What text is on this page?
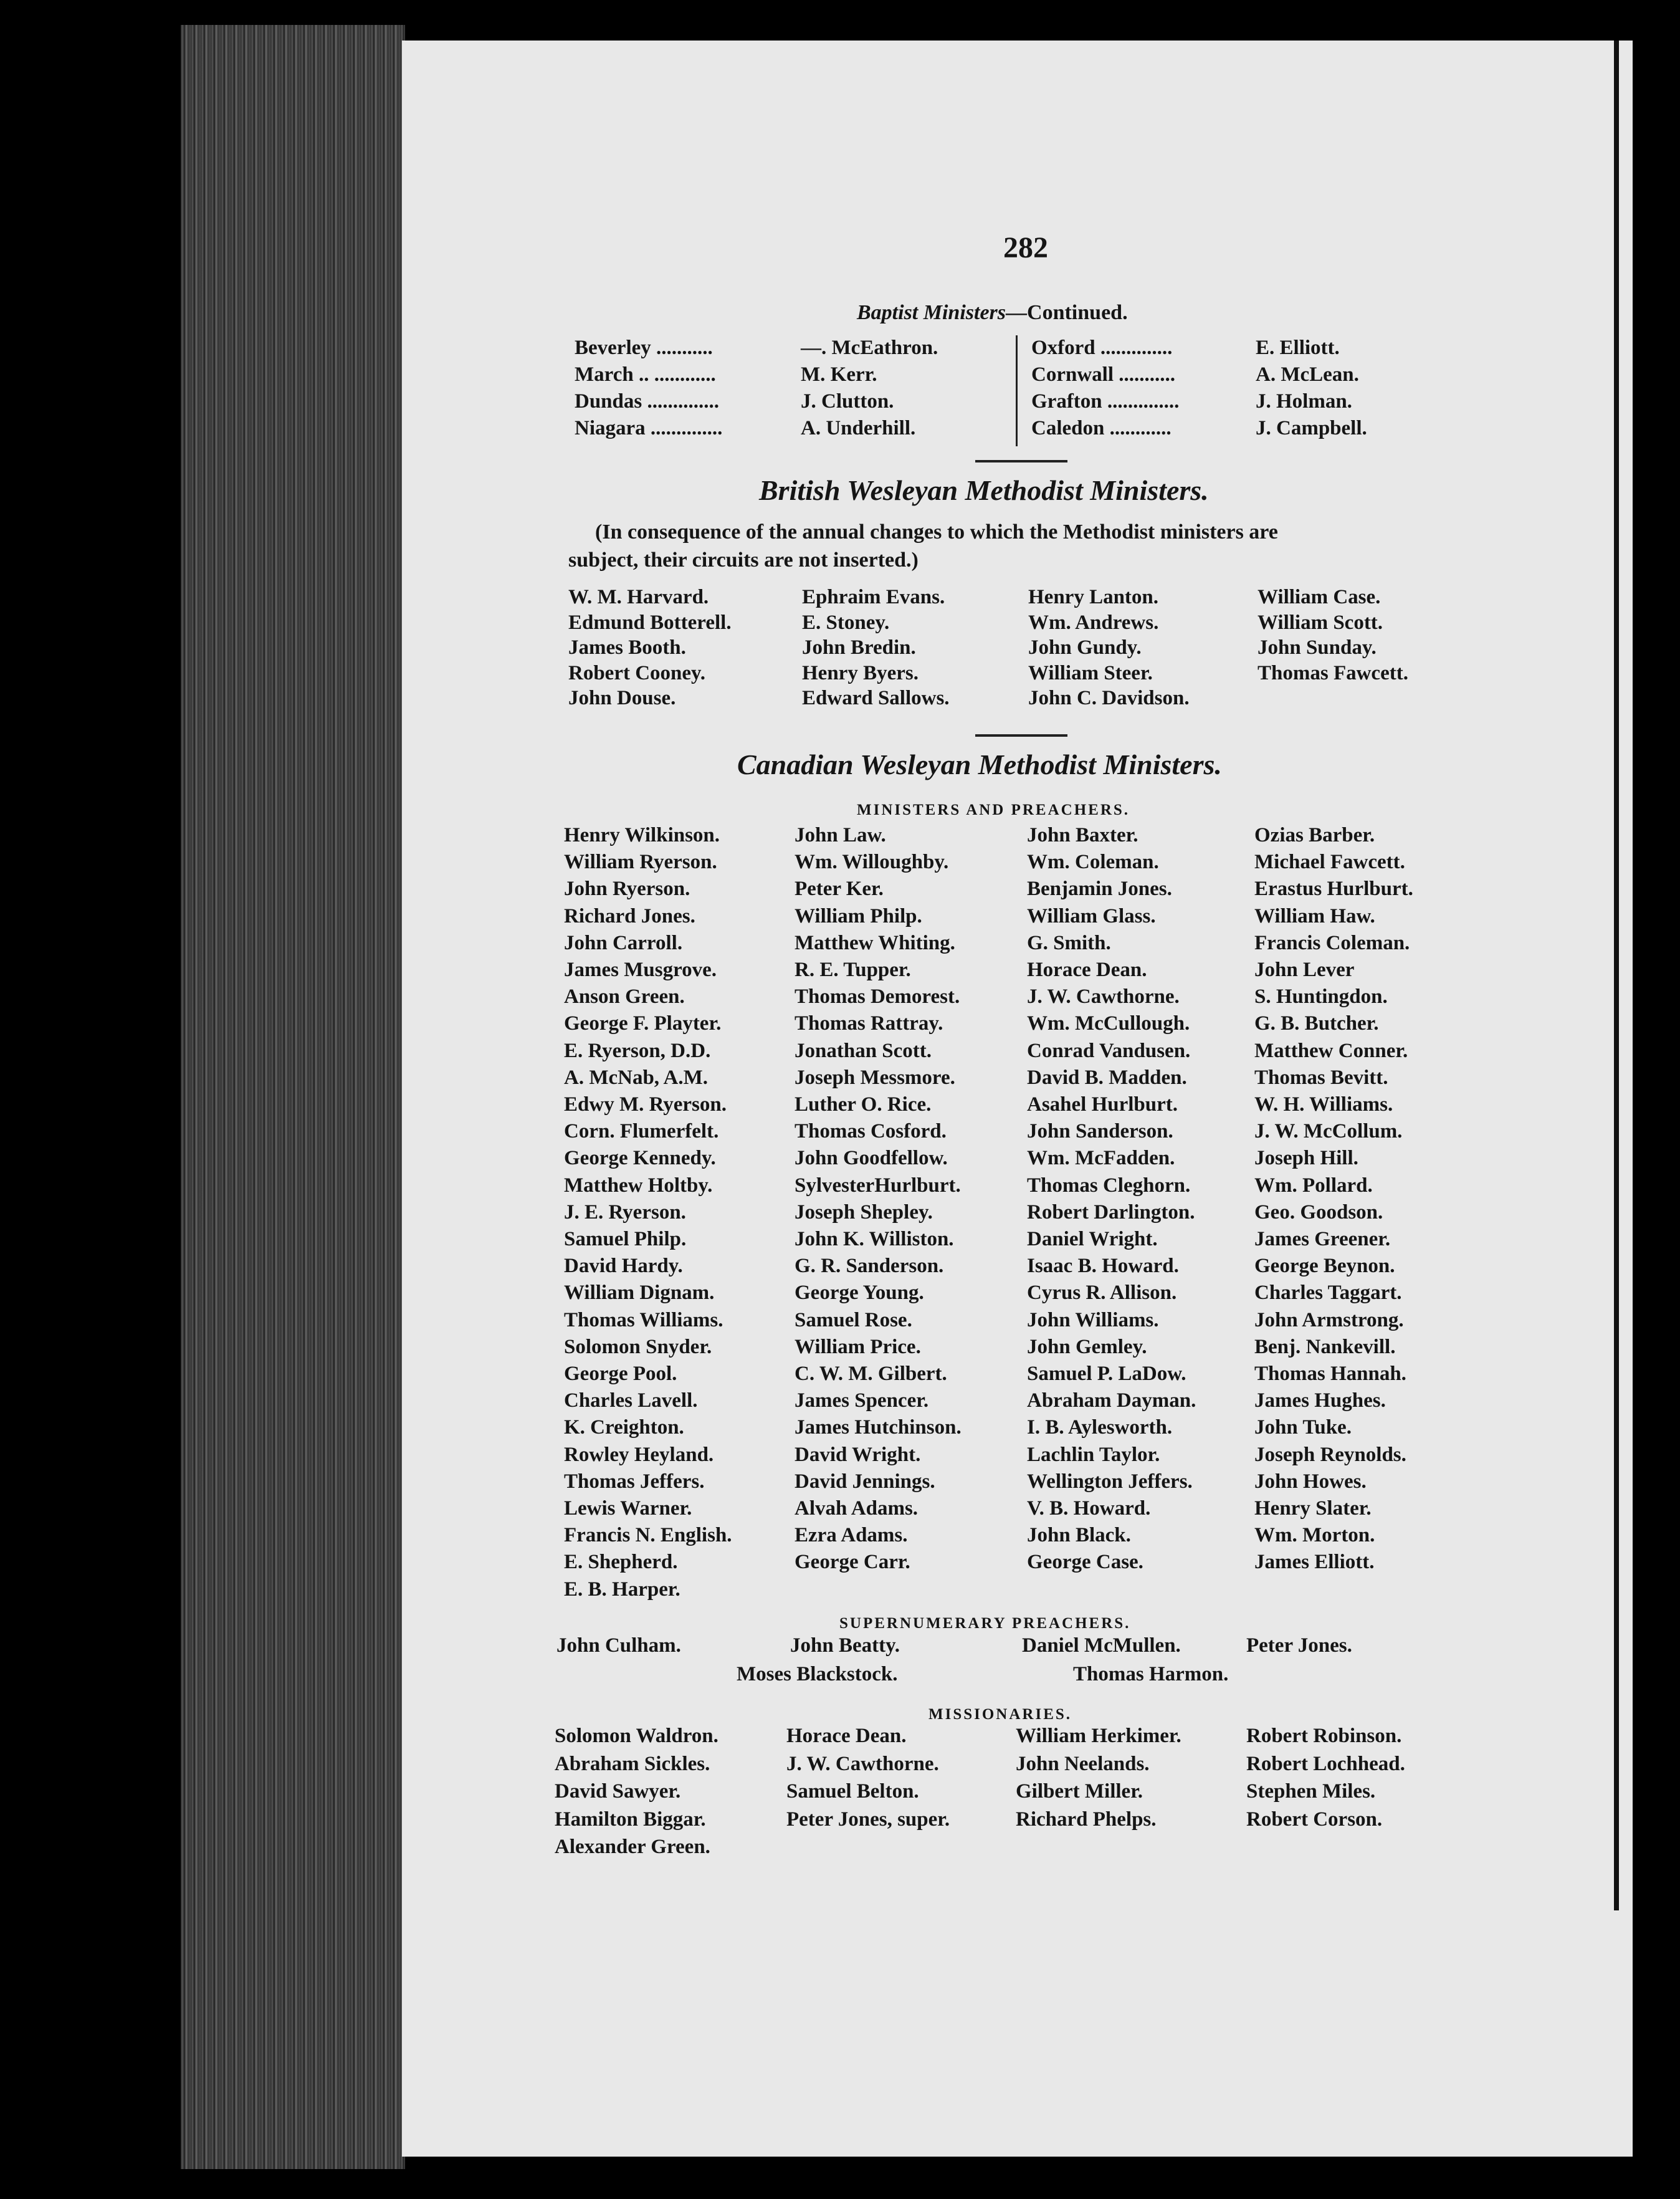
282
Baptist Ministers—Continued.
Beverley ...........	—. McEathron.	Oxford ..............	E. Elliott.
March .. ............	M. Kerr.	Cornwall ...........	A. McLean.
Dundas ..............	J. Clutton.	Grafton ..............	J. Holman.
Niagara ..............	A. Underhill.	Caledon ............	J. Campbell.
British Wesleyan Methodist Ministers.
(In consequence of the annual changes to which the Methodist ministers are
subject, their circuits are not inserted.)
W. M. Harvard.	Ephraim Evans.	Henry Lanton.	William Case.
Edmund Botterell.	E. Stoney.	Wm. Andrews.	William Scott.
James Booth.	John Bredin.	John Gundy.	John Sunday.
Robert Cooney.	Henry Byers.	William Steer.	Thomas Fawcett.
John Douse.	Edward Sallows.	John C. Davidson.
Canadian Wesleyan Methodist Ministers.
MINISTERS AND PREACHERS.
Henry Wilkinson.	John Law.	John Baxter.	Ozias Barber.
William Ryerson.	Wm. Willoughby.	Wm. Coleman.	Michael Fawcett.
John Ryerson.	Peter Ker.	Benjamin Jones.	Erastus Hurlburt.
Richard Jones.	William Philp.	William Glass.	William Haw.
John Carroll.	Matthew Whiting.	G. Smith.	Francis Coleman.
James Musgrove.	R. E. Tupper.	Horace Dean.	John Lever
Anson Green.	Thomas Demorest.	J. W. Cawthorne.	S. Huntingdon.
George F. Playter.	Thomas Rattray.	Wm. McCullough.	G. B. Butcher.
E. Ryerson, D.D.	Jonathan Scott.	Conrad Vandusen.	Matthew Conner.
A. McNab, A.M.	Joseph Messmore.	David B. Madden.	Thomas Bevitt.
Edwy M. Ryerson.	Luther O. Rice.	Asahel Hurlburt.	W. H. Williams.
Corn. Flumerfelt.	Thomas Cosford.	John Sanderson.	J. W. McCollum.
George Kennedy.	John Goodfellow.	Wm. McFadden.	Joseph Hill.
Matthew Holtby.	SylvesterHurlburt.	Thomas Cleghorn.	Wm. Pollard.
J. E. Ryerson.	Joseph Shepley.	Robert Darlington.	Geo. Goodson.
Samuel Philp.	John K. Williston.	Daniel Wright.	James Greener.
David Hardy.	G. R. Sanderson.	Isaac B. Howard.	George Beynon.
William Dignam.	George Young.	Cyrus R. Allison.	Charles Taggart.
Thomas Williams.	Samuel Rose.	John Williams.	John Armstrong.
Solomon Snyder.	William Price.	John Gemley.	Benj. Nankevill.
George Pool.	C. W. M. Gilbert.	Samuel P. LaDow.	Thomas Hannah.
Charles Lavell.	James Spencer.	Abraham Dayman.	James Hughes.
K. Creighton.	James Hutchinson.	I. B. Aylesworth.	John Tuke.
Rowley Heyland.	David Wright.	Lachlin Taylor.	Joseph Reynolds.
Thomas Jeffers.	David Jennings.	Wellington Jeffers.	John Howes.
Lewis Warner.	Alvah Adams.	V. B. Howard.	Henry Slater.
Francis N. English.	Ezra Adams.	John Black.	Wm. Morton.
E. Shepherd.	George Carr.	George Case.	James Elliott.
E. B. Harper.
SUPERNUMERARY PREACHERS.
John Culham.	John Beatty.	Daniel McMullen.	Peter Jones.
Moses Blackstock.	Thomas Harmon.
MISSIONARIES.
Solomon Waldron.	Horace Dean.	William Herkimer.	Robert Robinson.
Abraham Sickles.	J. W. Cawthorne.	John Neelands.	Robert Lochhead.
David Sawyer.	Samuel Belton.	Gilbert Miller.	Stephen Miles.
Hamilton Biggar.	Peter Jones, super.	Richard Phelps.	Robert Corson.
Alexander Green.
